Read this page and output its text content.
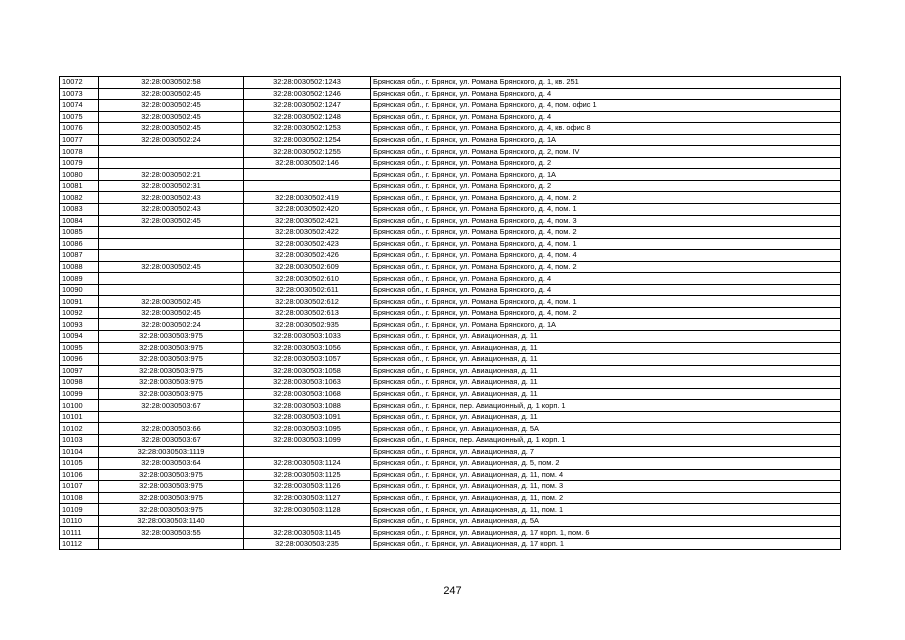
10072	32:28:0030502:58	32:28:0030502:1243	Брянская обл., г. Брянск, ул. Романа Брянского, д. 1, кв. 251
10073	32:28:0030502:45	32:28:0030502:1246	Брянская обл., г. Брянск, ул. Романа Брянского, д. 4
10074	32:28:0030502:45	32:28:0030502:1247	Брянская обл., г. Брянск, ул. Романа Брянского, д. 4, пом. офис 1
10075	32:28:0030502:45	32:28:0030502:1248	Брянская обл., г. Брянск, ул. Романа Брянского, д. 4
10076	32:28:0030502:45	32:28:0030502:1253	Брянская обл., г. Брянск, ул. Романа Брянского, д. 4, кв. офис 8
10077	32:28:0030502:24	32:28:0030502:1254	Брянская обл., г. Брянск, ул. Романа Брянского, д. 1А
10078		32:28:0030502:1255	Брянская обл., г. Брянск, ул. Романа Брянского, д. 2, пом. IV
10079		32:28:0030502:146	Брянская обл., г. Брянск, ул. Романа Брянского, д. 2
10080	32:28:0030502:21		Брянская обл., г. Брянск, ул. Романа Брянского, д. 1А
10081	32:28:0030502:31		Брянская обл., г. Брянск, ул. Романа Брянского, д. 2
10082	32:28:0030502:43	32:28:0030502:419	Брянская обл., г. Брянск, ул. Романа Брянского, д. 4, пом. 2
10083	32:28:0030502:43	32:28:0030502:420	Брянская обл., г. Брянск, ул. Романа Брянского, д. 4, пом. 1
10084	32:28:0030502:45	32:28:0030502:421	Брянская обл., г. Брянск, ул. Романа Брянского, д. 4, пом. 3
10085		32:28:0030502:422	Брянская обл., г. Брянск, ул. Романа Брянского, д. 4, пом. 2
10086		32:28:0030502:423	Брянская обл., г. Брянск, ул. Романа Брянского, д. 4, пом. 1
10087		32:28:0030502:426	Брянская обл., г. Брянск, ул. Романа Брянского, д. 4, пом. 4
10088	32:28:0030502:45	32:28:0030502:609	Брянская обл., г. Брянск, ул. Романа Брянского, д. 4, пом. 2
10089		32:28:0030502:610	Брянская обл., г. Брянск, ул. Романа Брянского, д. 4
10090		32:28:0030502:611	Брянская обл., г. Брянск, ул. Романа Брянского, д. 4
10091	32:28:0030502:45	32:28:0030502:612	Брянская обл., г. Брянск, ул. Романа Брянского, д. 4, пом. 1
10092	32:28:0030502:45	32:28:0030502:613	Брянская обл., г. Брянск, ул. Романа Брянского, д. 4, пом. 2
10093	32:28:0030502:24	32:28:0030502:935	Брянская обл., г. Брянск, ул. Романа Брянского, д. 1А
10094	32:28:0030503:975	32:28:0030503:1033	Брянская обл., г. Брянск, ул. Авиационная, д. 11
10095	32:28:0030503:975	32:28:0030503:1056	Брянская обл., г. Брянск, ул. Авиационная, д. 11
10096	32:28:0030503:975	32:28:0030503:1057	Брянская обл., г. Брянск, ул. Авиационная, д. 11
10097	32:28:0030503:975	32:28:0030503:1058	Брянская обл., г. Брянск, ул. Авиационная, д. 11
10098	32:28:0030503:975	32:28:0030503:1063	Брянская обл., г. Брянск, ул. Авиационная, д. 11
10099	32:28:0030503:975	32:28:0030503:1068	Брянская обл., г. Брянск, ул. Авиационная, д. 11
10100	32:28:0030503:67	32:28:0030503:1088	Брянская обл., г. Брянск, пер. Авиационный, д. 1 корп. 1
10101		32:28:0030503:1091	Брянская обл., г. Брянск, ул. Авиационная, д. 11
10102	32:28:0030503:66	32:28:0030503:1095	Брянская обл., г. Брянск, ул. Авиационная, д. 5А
10103	32:28:0030503:67	32:28:0030503:1099	Брянская обл., г. Брянск, пер. Авиационный, д. 1 корп. 1
10104	32:28:0030503:1119		Брянская обл., г. Брянск, ул. Авиационная, д. 7
10105	32:28:0030503:64	32:28:0030503:1124	Брянская обл., г. Брянск, ул. Авиационная, д. 5, пом. 2
10106	32:28:0030503:975	32:28:0030503:1125	Брянская обл., г. Брянск, ул. Авиационная, д. 11, пом. 4
10107	32:28:0030503:975	32:28:0030503:1126	Брянская обл., г. Брянск, ул. Авиационная, д. 11, пом. 3
10108	32:28:0030503:975	32:28:0030503:1127	Брянская обл., г. Брянск, ул. Авиационная, д. 11, пом. 2
10109	32:28:0030503:975	32:28:0030503:1128	Брянская обл., г. Брянск, ул. Авиационная, д. 11, пом. 1
10110	32:28:0030503:1140		Брянская обл., г. Брянск, ул. Авиационная, д. 5А
10111	32:28:0030503:55	32:28:0030503:1145	Брянская обл., г. Брянск, ул. Авиационная, д. 17 корп. 1, пом. 6
10112		32:28:0030503:235	Брянская обл., г. Брянск, ул. Авиационная, д. 17 корп. 1
247
